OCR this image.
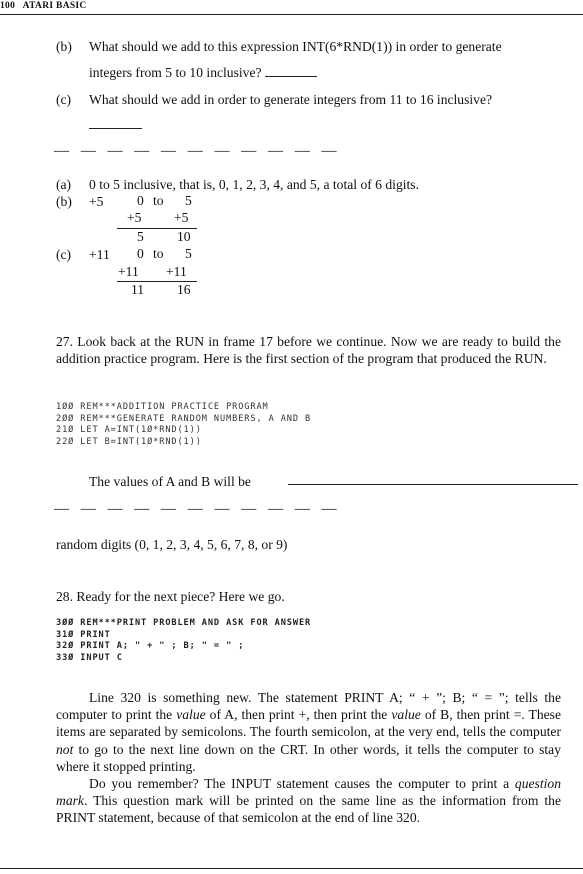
100 ATARI BASIC
(b) What should we add to this expression INT(6*RND(1)) in order to generate
integers from 5 to 10 inclusive?
(c) What should we add in order to generate integers from 11 to 16 inclusive?
— — — — — — — — — — —
(a) 0 to 5 inclusive, that is, 0, 1, 2, 3, 4, and 5, a total of 6 digits.
(b) +5 0 to 5
+5 +5
5 10
(c) +11 0 to 5
+11 +11
11 16

27. Look back at the RUN in frame 17 before we continue. Now we are ready to build the addition practice program. Here is the first section of the program that produced the RUN.

1ØØ REM***ADDITION PRACTICE PROGRAM
2ØØ REM***GENERATE RANDOM NUMBERS, A AND B
21Ø LET A=INT(1Ø*RND(1))
22Ø LET B=INT(1Ø*RND(1))
The values of A and B will be
— — — — — — — — — — —
random digits (0, 1, 2, 3, 4, 5, 6, 7, 8, or 9)
28. Ready for the next piece? Here we go.
3ØØ REM***PRINT PROBLEM AND ASK FOR ANSWER
31Ø PRINT
32Ø PRINT A; " + " ; B; " = " ;
33Ø INPUT C

Line 320 is something new. The statement PRINT A; “ + ”; B; “ = ”; tells the computer to print the value of A, then print +, then print the value of B, then print =. These items are separated by semicolons. The fourth semicolon, at the very end, tells the computer not to go to the next line down on the CRT. In other words, it tells the computer to stay where it stopped printing.

Do you remember? The INPUT statement causes the computer to print a question mark. This question mark will be printed on the same line as the information from the PRINT statement, because of that semicolon at the end of line 320.
